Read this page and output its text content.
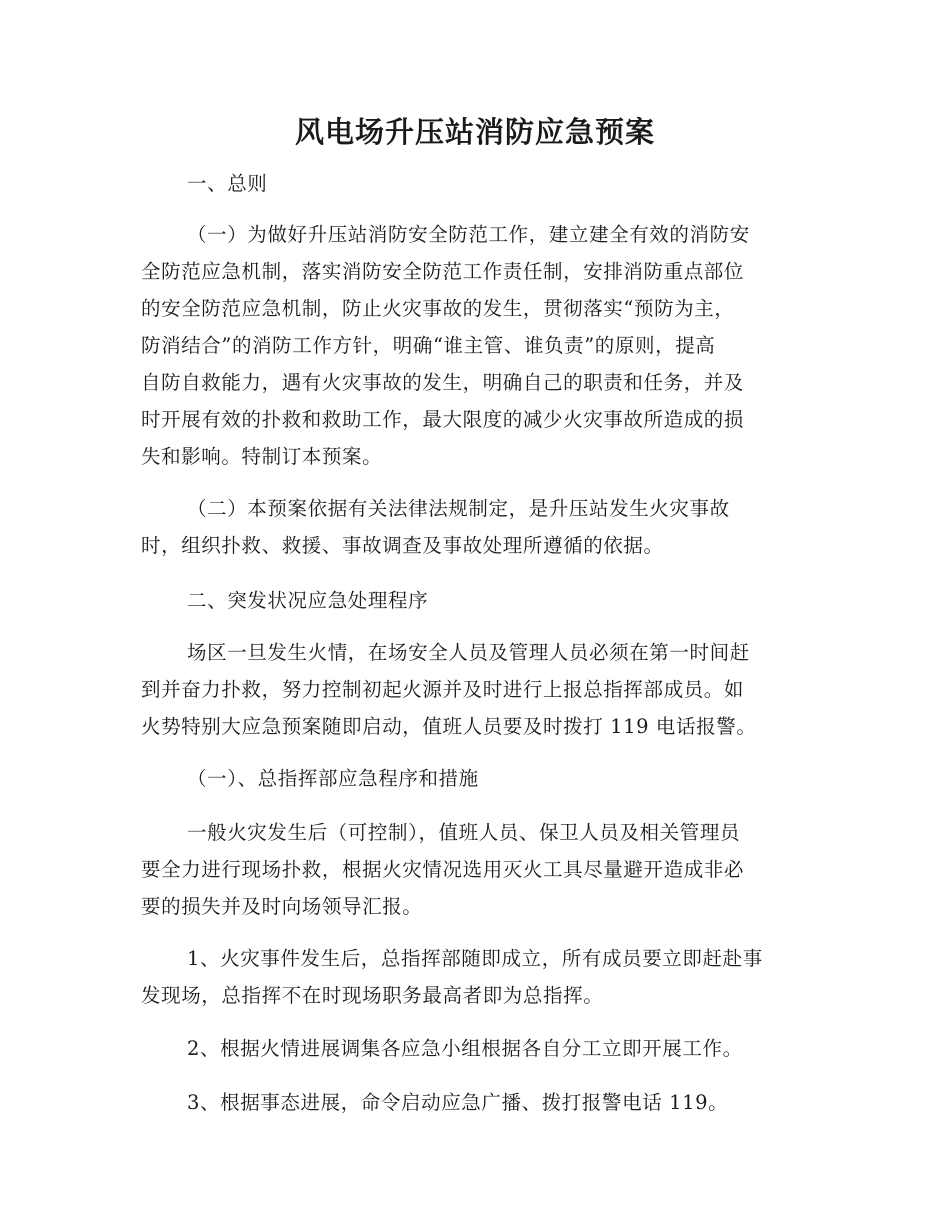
风电场升压站消防应急预案
一、总则
（一）为做好升压站消防安全防范工作，建立建全有效的消防安
全防范应急机制，落实消防安全防范工作责任制，安排消防重点部位
的安全防范应急机制，防止火灾事故的发生，贯彻落实“预防为主，
防消结合”的消防工作方针，明确“谁主管、谁负责”的原则，提高
自防自救能力，遇有火灾事故的发生，明确自己的职责和任务，并及
时开展有效的扑救和救助工作，最大限度的减少火灾事故所造成的损
失和影响。特制订本预案。
（二）本预案依据有关法律法规制定，是升压站发生火灾事故
时，组织扑救、救援、事故调查及事故处理所遵循的依据。
二、突发状况应急处理程序
场区一旦发生火情，在场安全人员及管理人员必须在第一时间赶
到并奋力扑救，努力控制初起火源并及时进行上报总指挥部成员。如
火势特别大应急预案随即启动，值班人员要及时拨打 119 电话报警。
（一）、总指挥部应急程序和措施
一般火灾发生后（可控制），值班人员、保卫人员及相关管理员
要全力进行现场扑救，根据火灾情况选用灭火工具尽量避开造成非必
要的损失并及时向场领导汇报。
1、火灾事件发生后，总指挥部随即成立，所有成员要立即赶赴事
发现场，总指挥不在时现场职务最高者即为总指挥。
2、根据火情进展调集各应急小组根据各自分工立即开展工作。
3、根据事态进展，命令启动应急广播、拨打报警电话 119。
